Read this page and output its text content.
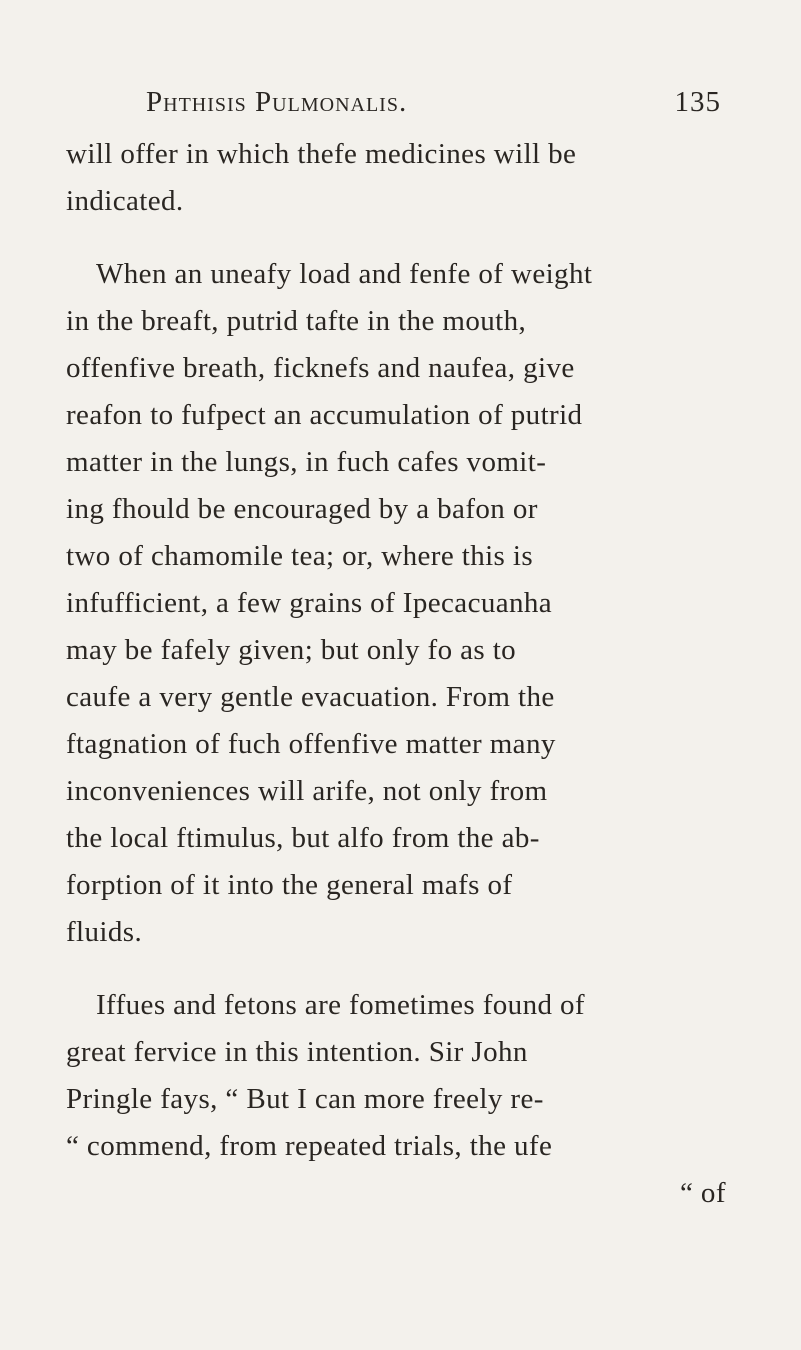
Phthisis Pulmonalis.	135
will offer in which thefe medicines will be
indicated.
When an uneafy load and fenfe of weight
in the breaft, putrid tafte in the mouth,
offenfive breath, ficknefs and naufea, give
reafon to fufpect an accumulation of putrid
matter in the lungs, in fuch cafes vomit-
ing fhould be encouraged by a bafon or
two of chamomile tea; or, where this is
infufficient, a few grains of Ipecacuanha
may be fafely given; but only fo as to
caufe a very gentle evacuation. From the
ftagnation of fuch offenfive matter many
inconveniences will arife, not only from
the local ftimulus, but alfo from the ab-
forption of it into the general mafs of
fluids.
Iffues and fetons are fometimes found of
great fervice in this intention. Sir John
Pringle fays, “ But I can more freely re-
“ commend, from repeated trials, the ufe
“ of
